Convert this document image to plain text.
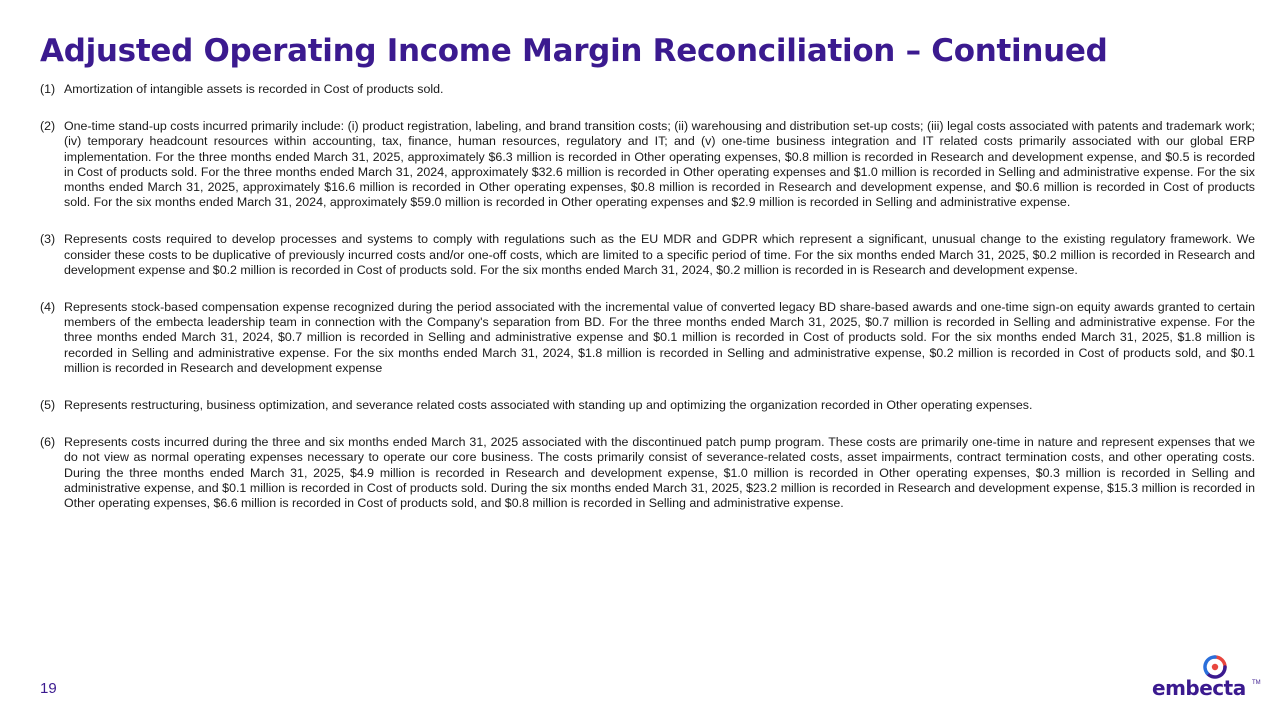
Adjusted Operating Income Margin Reconciliation – Continued
(1) Amortization of intangible assets is recorded in Cost of products sold.
(2) One-time stand-up costs incurred primarily include: (i) product registration, labeling, and brand transition costs; (ii) warehousing and distribution set-up costs; (iii) legal costs associated with patents and trademark work; (iv) temporary headcount resources within accounting, tax, finance, human resources, regulatory and IT; and (v) one-time business integration and IT related costs primarily associated with our global ERP implementation. For the three months ended March 31, 2025, approximately $6.3 million is recorded in Other operating expenses, $0.8 million is recorded in Research and development expense, and $0.5 is recorded in Cost of products sold. For the three months ended March 31, 2024, approximately $32.6 million is recorded in Other operating expenses and $1.0 million is recorded in Selling and administrative expense. For the six months ended March 31, 2025, approximately $16.6 million is recorded in Other operating expenses, $0.8 million is recorded in Research and development expense, and $0.6 million is recorded in Cost of products sold. For the six months ended March 31, 2024, approximately $59.0 million is recorded in Other operating expenses and $2.9 million is recorded in Selling and administrative expense.
(3) Represents costs required to develop processes and systems to comply with regulations such as the EU MDR and GDPR which represent a significant, unusual change to the existing regulatory framework. We consider these costs to be duplicative of previously incurred costs and/or one-off costs, which are limited to a specific period of time. For the six months ended March 31, 2025, $0.2 million is recorded in Research and development expense and $0.2 million is recorded in Cost of products sold. For the six months ended March 31, 2024, $0.2 million is recorded in is Research and development expense.
(4) Represents stock-based compensation expense recognized during the period associated with the incremental value of converted legacy BD share-based awards and one-time sign-on equity awards granted to certain members of the embecta leadership team in connection with the Company's separation from BD. For the three months ended March 31, 2025, $0.7 million is recorded in Selling and administrative expense. For the three months ended March 31, 2024, $0.7 million is recorded in Selling and administrative expense and $0.1 million is recorded in Cost of products sold. For the six months ended March 31, 2025, $1.8 million is recorded in Selling and administrative expense. For the six months ended March 31, 2024, $1.8 million is recorded in Selling and administrative expense, $0.2 million is recorded in Cost of products sold, and $0.1 million is recorded in Research and development expense
(5) Represents restructuring, business optimization, and severance related costs associated with standing up and optimizing the organization recorded in Other operating expenses.
(6) Represents costs incurred during the three and six months ended March 31, 2025 associated with the discontinued patch pump program. These costs are primarily one-time in nature and represent expenses that we do not view as normal operating expenses necessary to operate our core business. The costs primarily consist of severance-related costs, asset impairments, contract termination costs, and other operating costs. During the three months ended March 31, 2025, $4.9 million is recorded in Research and development expense, $1.0 million is recorded in Other operating expenses, $0.3 million is recorded in Selling and administrative expense, and $0.1 million is recorded in Cost of products sold. During the six months ended March 31, 2025, $23.2 million is recorded in Research and development expense, $15.3 million is recorded in Other operating expenses, $6.6 million is recorded in Cost of products sold, and $0.8 million is recorded in Selling and administrative expense.
19	embecta TM
